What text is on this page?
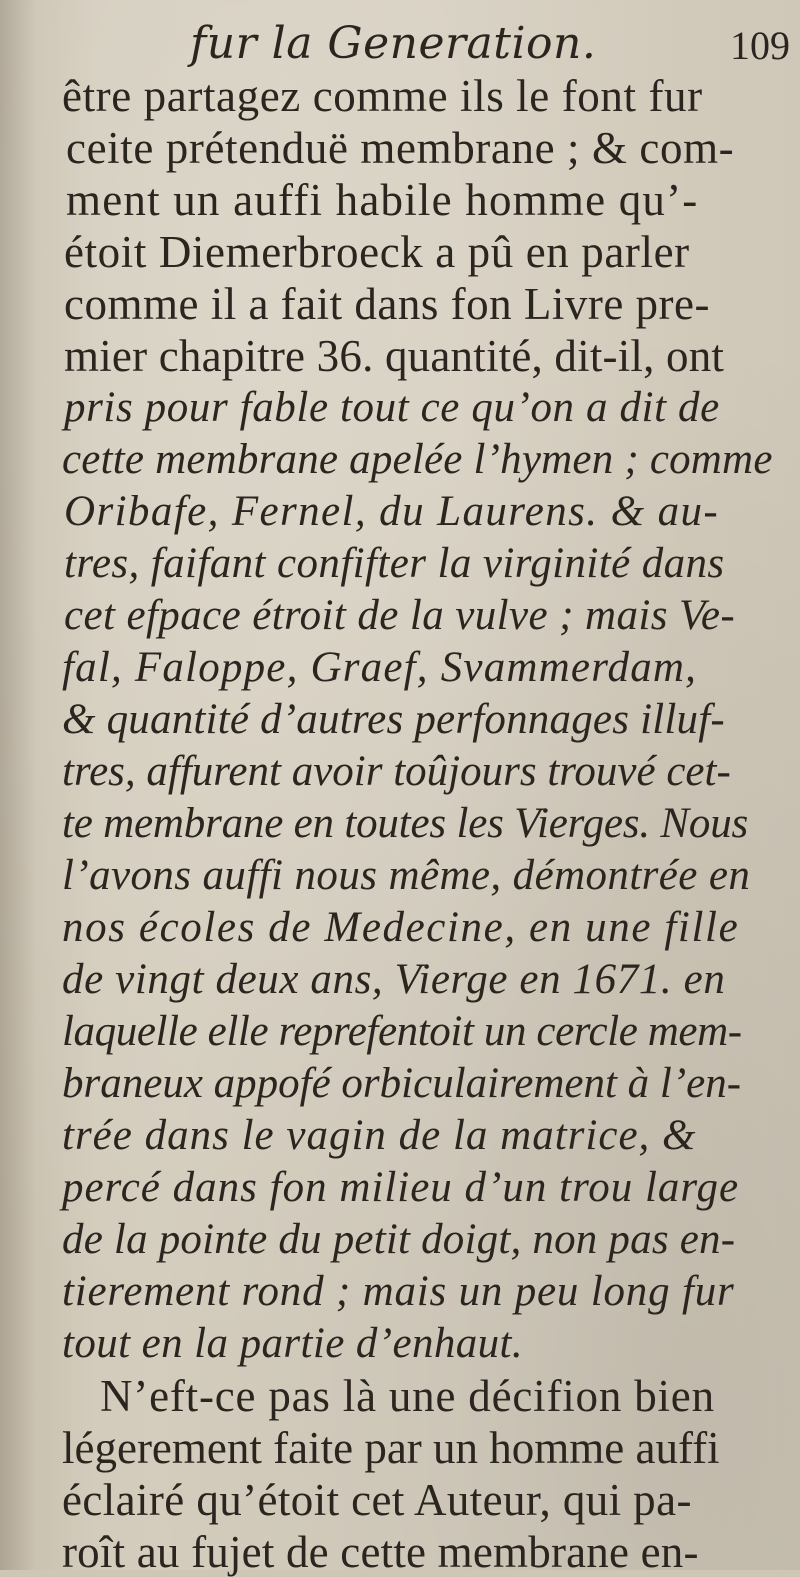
fur la Generation.	109
être partagez comme ils le font fur
ceite prétenduë membrane ; & com-
ment un auffi habile homme qu’-
étoit Diemerbroeck a pû en parler
comme il a fait dans fon Livre pre-
mier chapitre 36. quantité, dit-il, ont
pris pour fable tout ce qu’on a dit de
cette membrane apelée l’hymen ; comme
Oribafe, Fernel, du Laurens. & au-
tres, faifant confifter la virginité dans
cet efpace étroit de la vulve ; mais Ve-
fal, Faloppe, Graef, Svammerdam,
& quantité d’autres perfonnages illuf-
tres, affurent avoir toûjours trouvé cet-
te membrane en toutes les Vierges. Nous
l’avons auffi nous même, démontrée en
nos écoles de Medecine, en une fille
de vingt deux ans, Vierge en 1671. en
laquelle elle reprefentoit un cercle mem-
braneux appofé orbiculairement à l’en-
trée dans le vagin de la matrice, &
percé dans fon milieu d’un trou large
de la pointe du petit doigt, non pas en-
tierement rond ; mais un peu long fur
tout en la partie d’enhaut.
N’eft-ce pas là une décifion bien
légerement faite par un homme auffi
éclairé qu’étoit cet Auteur, qui pa-
roît au fujet de cette membrane en-
